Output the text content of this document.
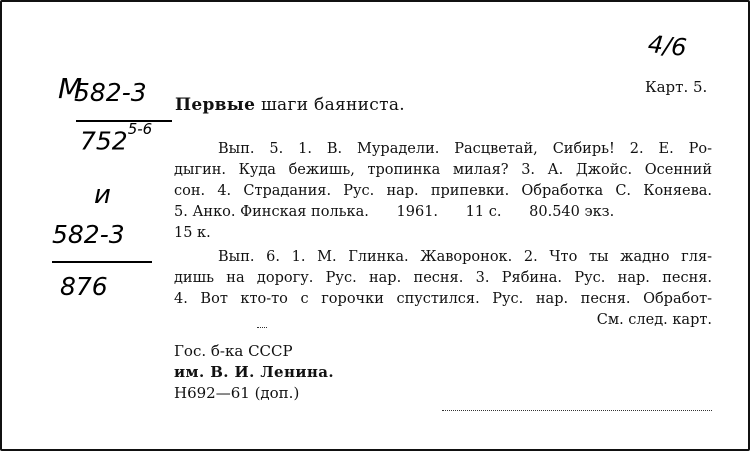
4/6
Карт. 5.
М
582-3
752$^{5-6}$
и
582-3
876
Первые шаги баяниста.
Вып. 5. 1. В. Мурадели. Расцветай, Сибирь! 2. Е. Ро-
дыгин. Куда бежишь, тропинка милая? 3. А. Джойс. Осенний
сон. 4. Страдания. Рус. нар. припевки. Обработка С. Коняева.
5. Анко. Финская полька.      1961.      11 с.      80.540 экз.
15 к.
Вып. 6. 1. М. Глинка. Жаворонок. 2. Что ты жадно гля-
дишь на дорогу. Рус. нар. песня. 3. Рябина. Рус. нар. песня.
4. Вот кто-то с горочки спустился. Рус. нар. песня. Обработ-
См. след. карт.
Гос. б-ка СССР
им. В. И. Ленина.
Н692—61 (доп.)
